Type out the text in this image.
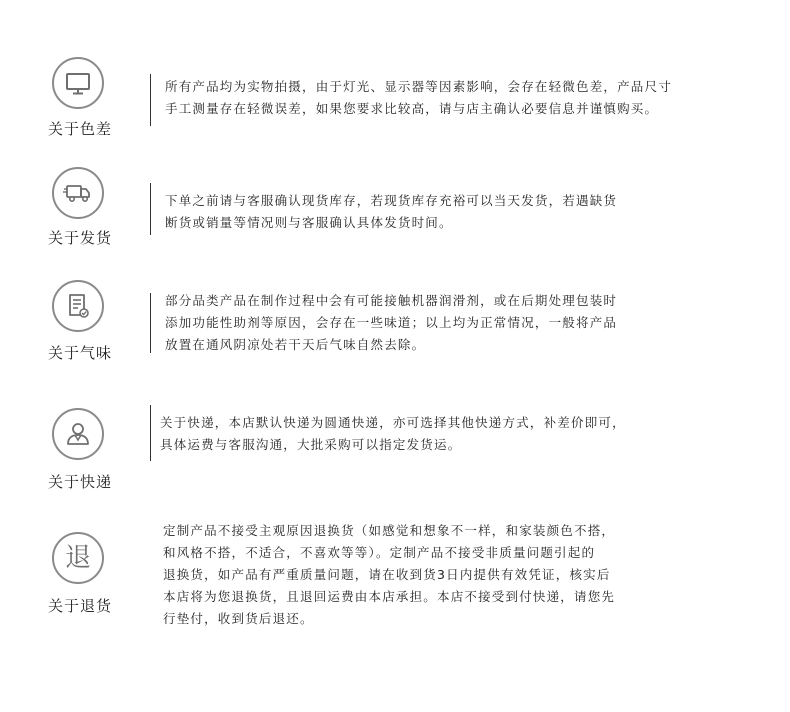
关于色差
所有产品均为实物拍摄，由于灯光、显示器等因素影响，会存在轻微色差，产品尺寸
手工测量存在轻微误差，如果您要求比较高，请与店主确认必要信息并谨慎购买。
关于发货
下单之前请与客服确认现货库存，若现货库存充裕可以当天发货，若遇缺货
断货或销量等情况则与客服确认具体发货时间。
关于气味
部分品类产品在制作过程中会有可能接触机器润滑剂，或在后期处理包装时
添加功能性助剂等原因，会存在一些味道；以上均为正常情况，一般将产品
放置在通风阴凉处若干天后气味自然去除。
关于快递
关于快递，本店默认快递为圆通快递，亦可选择其他快递方式，补差价即可，
具体运费与客服沟通，大批采购可以指定发货运。
退
关于退货
定制产品不接受主观原因退换货（如感觉和想象不一样，和家装颜色不搭，
和风格不搭，不适合，不喜欢等等）。定制产品不接受非质量问题引起的
退换货，如产品有严重质量问题，请在收到货3日内提供有效凭证，核实后
本店将为您退换货，且退回运费由本店承担。本店不接受到付快递，请您先
行垫付，收到货后退还。
